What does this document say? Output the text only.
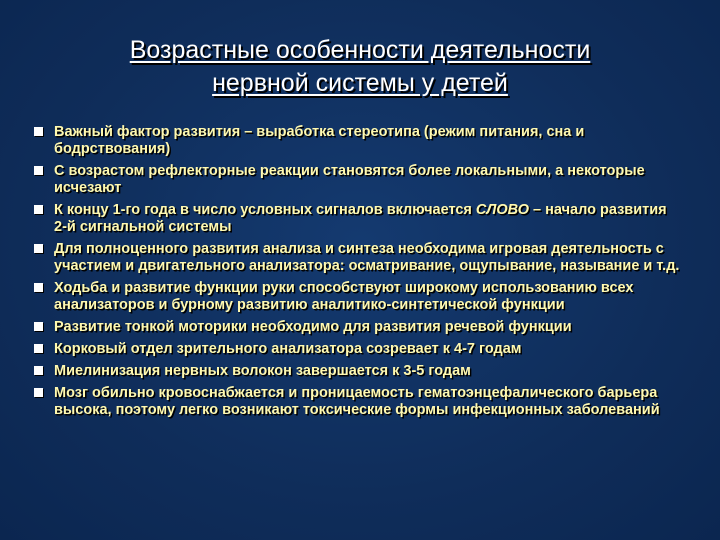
Возрастные особенности деятельности
нервной системы у детей
Важный фактор развития – выработка стереотипа (режим питания, сна и бодрствования)
С возрастом рефлекторные реакции становятся более локальными, а некоторые исчезают
К концу 1-го года в число условных сигналов включается СЛОВО – начало развития 2-й сигнальной системы
Для полноценного развития анализа и синтеза необходима игровая деятельность с участием и двигательного анализатора: осматривание, ощупывание, называние и т.д.
Ходьба и развитие функции руки способствуют широкому использованию всех анализаторов и бурному развитию аналитико-синтетической функции
Развитие тонкой моторики необходимо для развития речевой функции
Корковый отдел зрительного анализатора созревает к 4-7 годам
Миелинизация нервных волокон завершается к 3-5 годам
Мозг обильно кровоснабжается и проницаемость гематоэнцефалического барьера высока, поэтому легко возникают токсические формы инфекционных заболеваний
